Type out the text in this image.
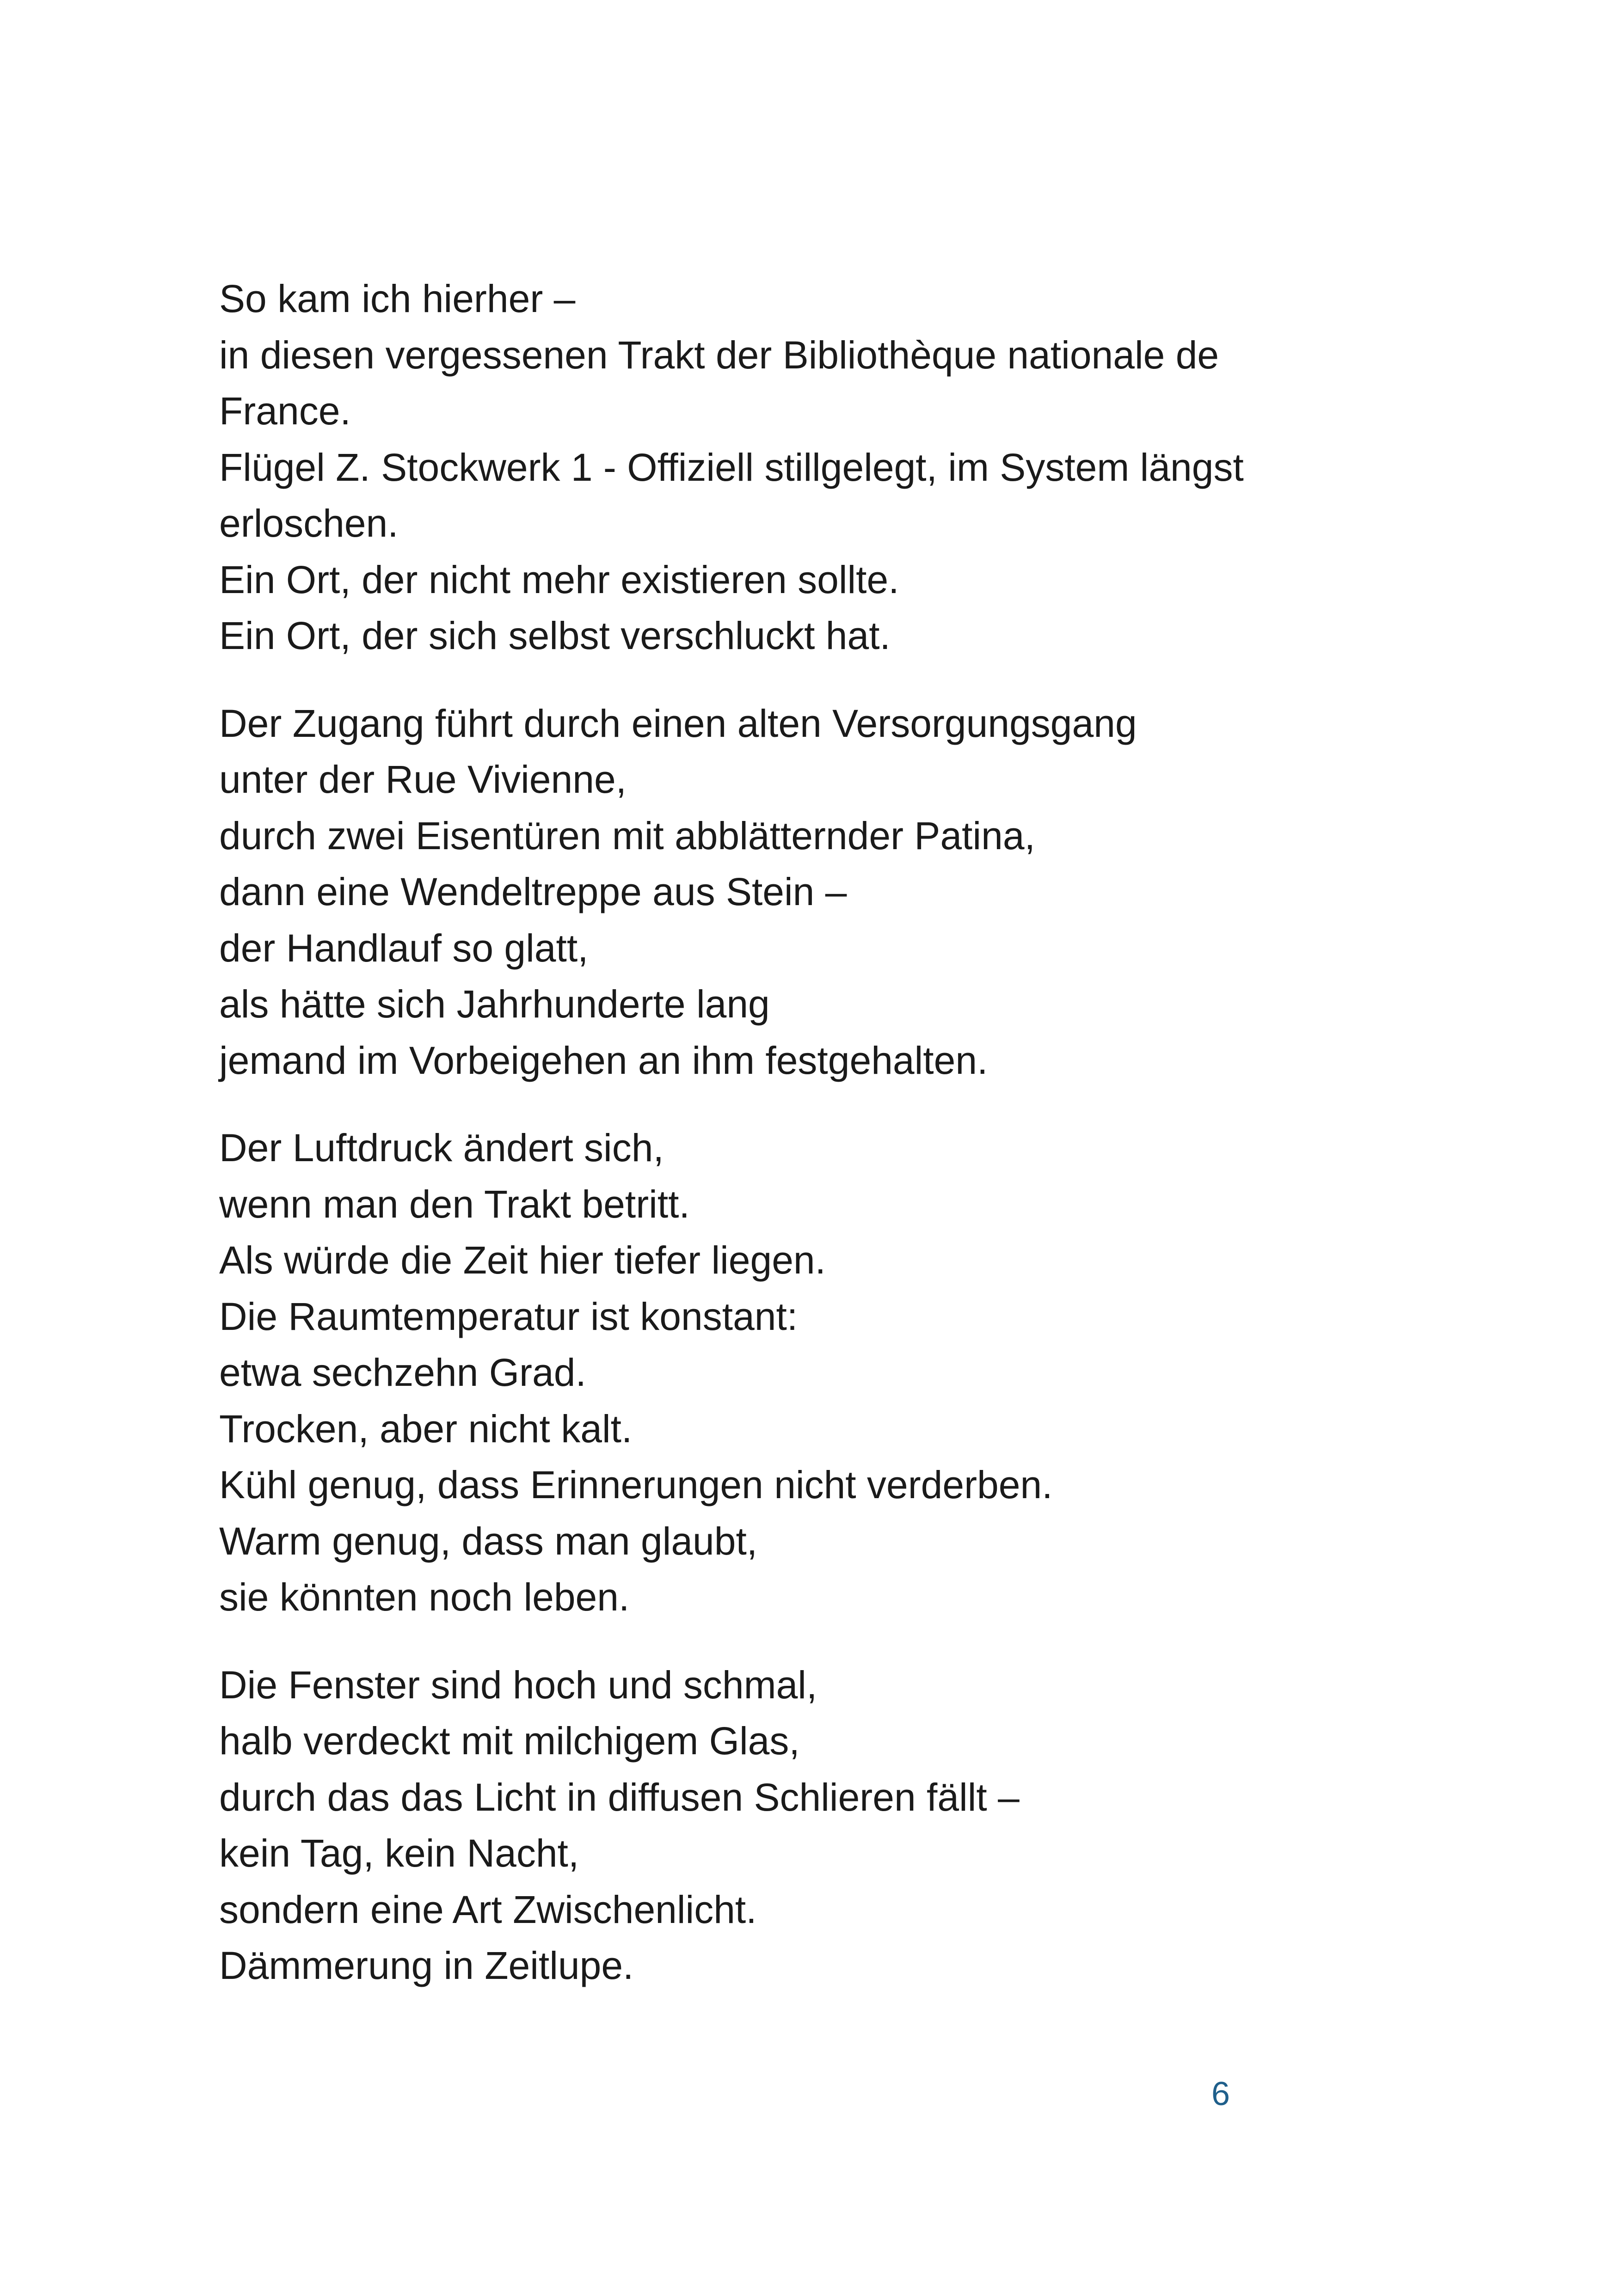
So kam ich hierher –
in diesen vergessenen Trakt der Bibliothèque nationale de
France.
Flügel Z. Stockwerk 1 - Offiziell stillgelegt, im System längst
erloschen.
Ein Ort, der nicht mehr existieren sollte.
Ein Ort, der sich selbst verschluckt hat.
Der Zugang führt durch einen alten Versorgungsgang
unter der Rue Vivienne,
durch zwei Eisentüren mit abblätternder Patina,
dann eine Wendeltreppe aus Stein –
der Handlauf so glatt,
als hätte sich Jahrhunderte lang
jemand im Vorbeigehen an ihm festgehalten.
Der Luftdruck ändert sich,
wenn man den Trakt betritt.
Als würde die Zeit hier tiefer liegen.
Die Raumtemperatur ist konstant:
etwa sechzehn Grad.
Trocken, aber nicht kalt.
Kühl genug, dass Erinnerungen nicht verderben.
Warm genug, dass man glaubt,
sie könnten noch leben.
Die Fenster sind hoch und schmal,
halb verdeckt mit milchigem Glas,
durch das das Licht in diffusen Schlieren fällt –
kein Tag, kein Nacht,
sondern eine Art Zwischenlicht.
Dämmerung in Zeitlupe.
6
